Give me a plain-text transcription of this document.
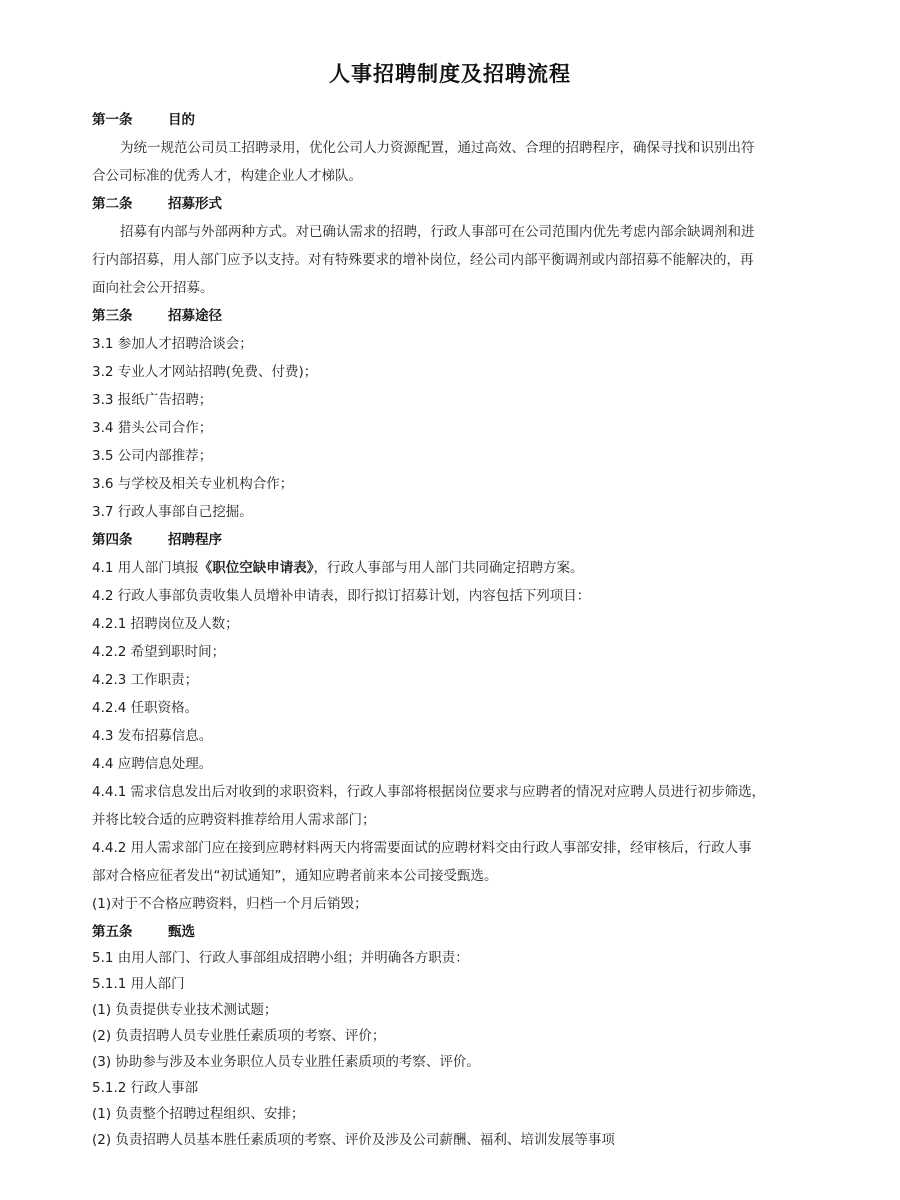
人事招聘制度及招聘流程
第一条	目的
为统一规范公司员工招聘录用，优化公司人力资源配置，通过高效、合理的招聘程序，确保寻找和识别出符
合公司标准的优秀人才，构建企业人才梯队。
第二条	招募形式
招募有内部与外部两种方式。对已确认需求的招聘，行政人事部可在公司范围内优先考虑内部余缺调剂和进
行内部招募，用人部门应予以支持。对有特殊要求的增补岗位，经公司内部平衡调剂或内部招募不能解决的，再
面向社会公开招募。
第三条	招募途径
3.1 参加人才招聘洽谈会；
3.2 专业人才网站招聘(免费、付费)；
3.3 报纸广告招聘；
3.4 猎头公司合作；
3.5 公司内部推荐；
3.6 与学校及相关专业机构合作；
3.7 行政人事部自己挖掘。
第四条	招聘程序
4.1 用人部门填报《职位空缺申请表》，行政人事部与用人部门共同确定招聘方案。
4.2 行政人事部负责收集人员增补申请表，即行拟订招募计划，内容包括下列项目：
4.2.1 招聘岗位及人数；
4.2.2 希望到职时间；
4.2.3 工作职责；
4.2.4 任职资格。
4.3 发布招募信息。
4.4 应聘信息处理。
4.4.1 需求信息发出后对收到的求职资料，行政人事部将根据岗位要求与应聘者的情况对应聘人员进行初步筛选，
并将比较合适的应聘资料推荐给用人需求部门；
4.4.2 用人需求部门应在接到应聘材料两天内将需要面试的应聘材料交由行政人事部安排，经审核后，行政人事
部对合格应征者发出“初试通知”，通知应聘者前来本公司接受甄选。
(1)对于不合格应聘资料，归档一个月后销毁；
第五条	甄选
5.1 由用人部门、行政人事部组成招聘小组；并明确各方职责：
5.1.1 用人部门
(1) 负责提供专业技术测试题；
(2) 负责招聘人员专业胜任素质项的考察、评价；
(3) 协助参与涉及本业务职位人员专业胜任素质项的考察、评价。
5.1.2 行政人事部
(1) 负责整个招聘过程组织、安排；
(2) 负责招聘人员基本胜任素质项的考察、评价及涉及公司薪酬、福利、培训发展等事项
